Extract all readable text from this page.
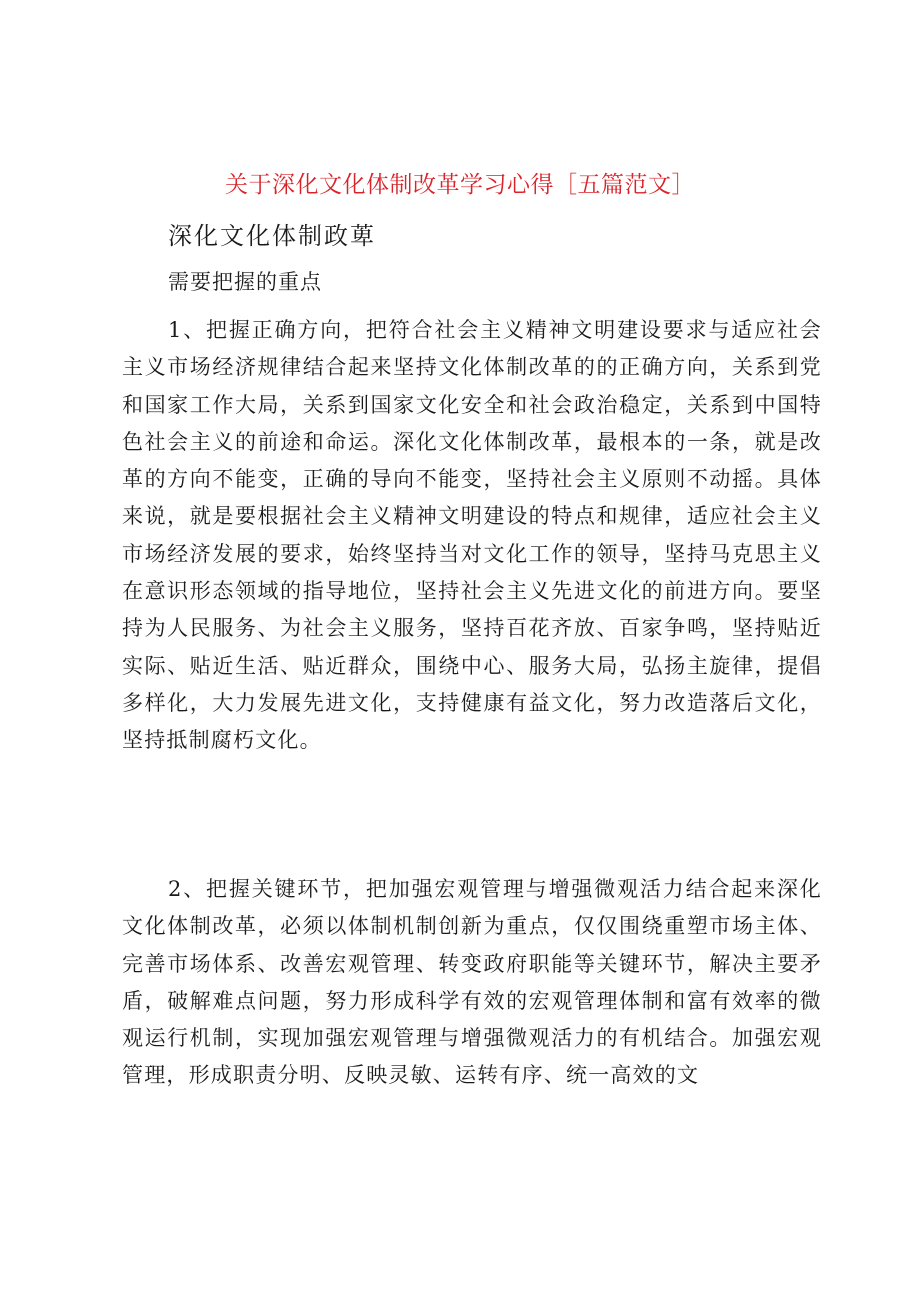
关于深化文化体制改革学习心得［五篇范文］
深化文化体制政萆

需要把握的重点

1、把握正确方向，把符合社会主义精神文明建设要求与适应社会主义市场经济规律结合起来坚持文化体制改革的的正确方向，关系到党和国家工作大局，关系到国家文化安全和社会政治稳定，关系到中国特色社会主义的前途和命运。深化文化体制改革，最根本的一条，就是改革的方向不能变，正确的导向不能变，坚持社会主义原则不动摇。具体来说，就是要根据社会主义精神文明建设的特点和规律，适应社会主义市场经济发展的要求，始终坚持当对文化工作的领导，坚持马克思主义在意识形态领域的指导地位，坚持社会主义先进文化的前进方向。要坚持为人民服务、为社会主义服务，坚持百花齐放、百家争鸣，坚持贴近实际、贴近生活、贴近群众，围绕中心、服务大局，弘扬主旋律，提倡多样化，大力发展先进文化，支持健康有益文化，努力改造落后文化，坚持抵制腐朽文化。

2、把握关键环节，把加强宏观管理与增强微观活力结合起来深化文化体制改革，必须以体制机制创新为重点，仅仅围绕重塑市场主体、完善市场体系、改善宏观管理、转变政府职能等关键环节，解决主要矛盾，破解难点问题，努力形成科学有效的宏观管理体制和富有效率的微观运行机制，实现加强宏观管理与增强微观活力的有机结合。加强宏观管理，形成职责分明、反映灵敏、运转有序、统一高效的文
